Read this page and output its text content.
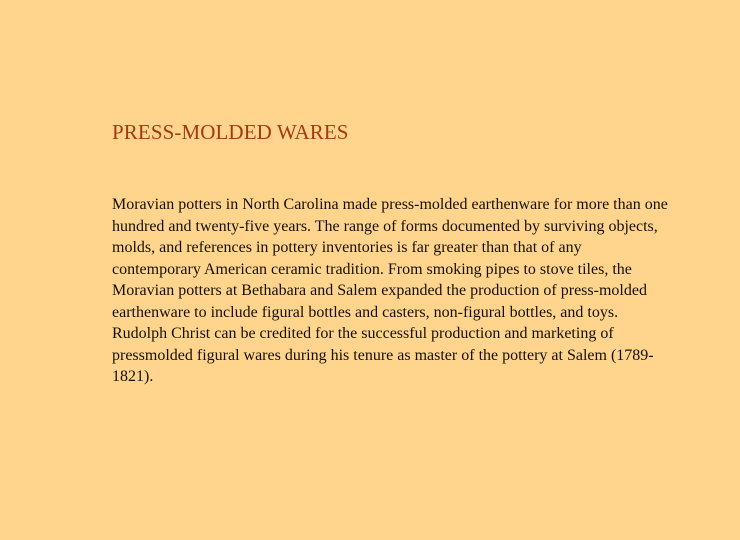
PRESS-MOLDED WARES

Moravian potters in North Carolina made press-molded earthenware for more than one hundred and twenty-five years. The range of forms documented by surviving objects, molds, and references in pottery inventories is far greater than that of any contemporary American ceramic tradition. From smoking pipes to stove tiles, the Moravian potters at Bethabara and Salem expanded the production of press-molded earthenware to include figural bottles and casters, non-figural bottles, and toys. Rudolph Christ can be credited for the successful production and marketing of pressmolded figural wares during his tenure as master of the pottery at Salem (1789-1821).
